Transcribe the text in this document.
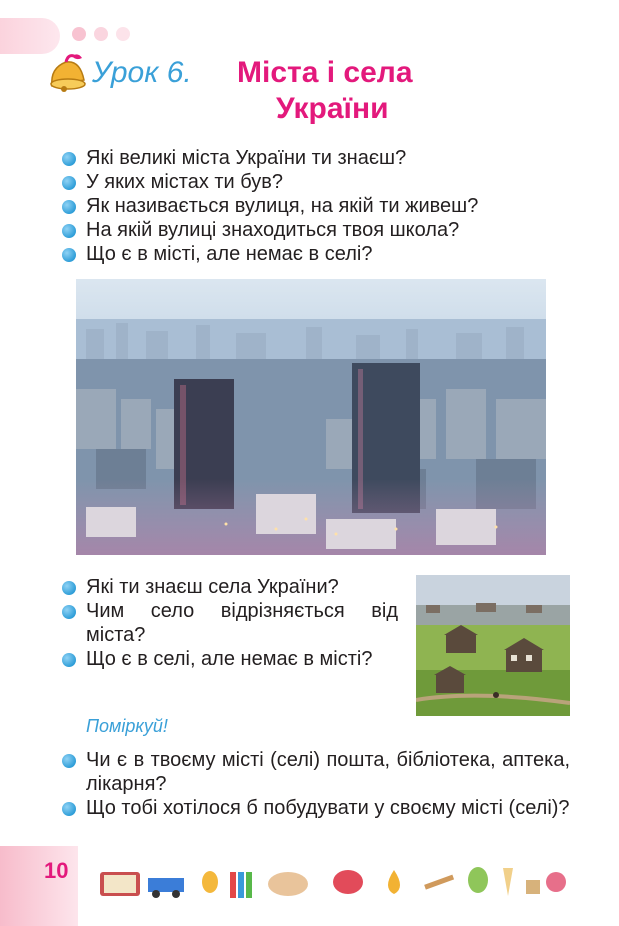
Урок 6. Міста і села
України
Які великі міста України ти знаєш?
У яких містах ти був?
Як називається вулиця, на якій ти живеш?
На якій вулиці знаходиться твоя школа?
Що є в місті, але немає в селі?
Які ти знаєш села України?
Чим село відрізняється від міста?
Що є в селі, але немає в місті?
Поміркуй!
Чи є в твоєму місті (селі) пошта, бібліотека, аптека, лікарня?
Що тобі хотілося б побудувати у своєму місті (селі)?
10
